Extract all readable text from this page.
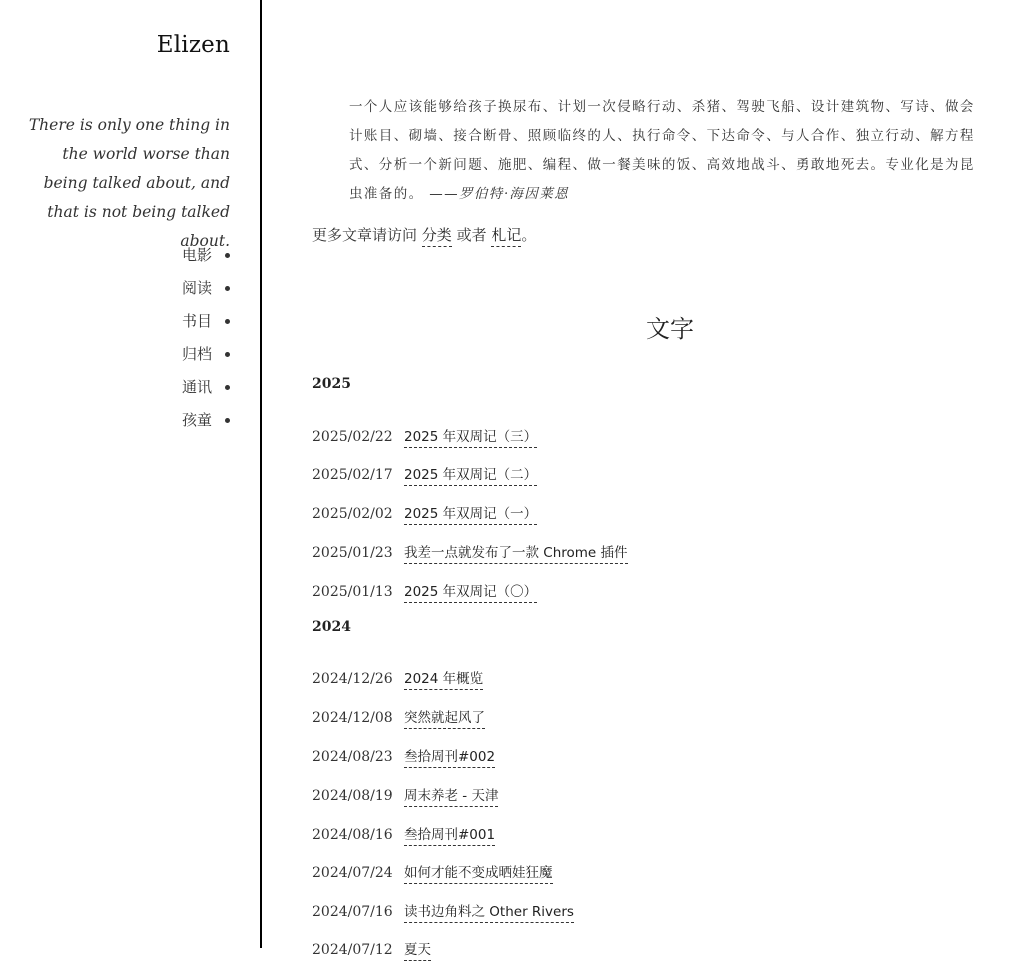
Elizen
There is only one thing in the world worse than being talked about, and that is not being talked about.
电影
阅读
书目
归档
通讯
孩童
一个人应该能够给孩子换尿布、计划一次侵略行动、杀猪、驾驶飞船、设计建筑物、写诗、做会计账目、砌墙、接合断骨、照顾临终的人、执行命令、下达命令、与人合作、独立行动、解方程式、分析一个新问题、施肥、编程、做一餐美味的饭、高效地战斗、勇敢地死去。专业化是为昆虫准备的。 ——罗伯特·海因莱恩
更多文章请访问 分类 或者 札记。
文字
2025
2025/02/22 2025 年双周记（三）
2025/02/17 2025 年双周记（二）
2025/02/02 2025 年双周记（一）
2025/01/23 我差一点就发布了一款 Chrome 插件
2025/01/13 2025 年双周记（〇）
2024
2024/12/26 2024 年概览
2024/12/08 突然就起风了
2024/08/23 叁拾周刊#002
2024/08/19 周末养老 - 天津
2024/08/16 叁拾周刊#001
2024/07/24 如何才能不变成晒娃狂魔
2024/07/16 读书边角料之 Other Rivers
2024/07/12 夏天
